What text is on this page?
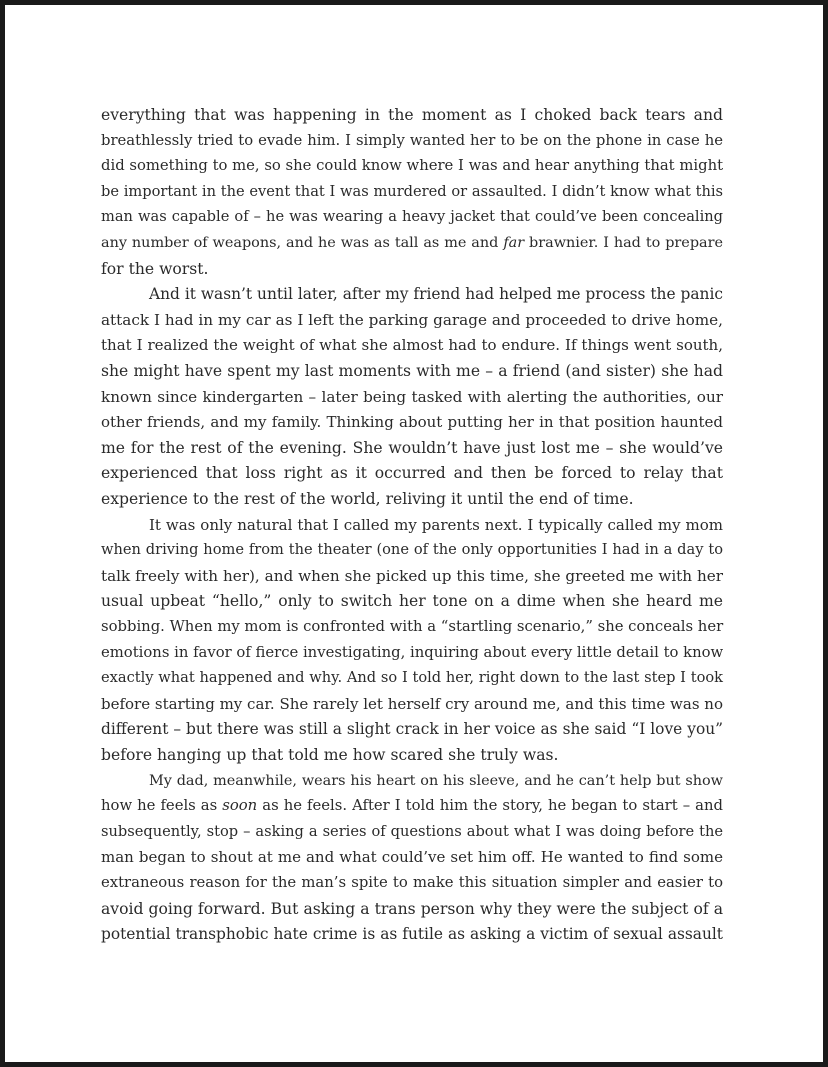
everything that was happening in the moment as I choked back tears and
breathlessly tried to evade him. I simply wanted her to be on the phone in case he
did something to me, so she could know where I was and hear anything that might
be important in the event that I was murdered or assaulted. I didn’t know what this
man was capable of – he was wearing a heavy jacket that could’ve been concealing
any number of weapons, and he was as tall as me and far brawnier. I had to prepare
for the worst.
And it wasn’t until later, after my friend had helped me process the panic
attack I had in my car as I left the parking garage and proceeded to drive home,
that I realized the weight of what she almost had to endure. If things went south,
she might have spent my last moments with me – a friend (and sister) she had
known since kindergarten – later being tasked with alerting the authorities, our
other friends, and my family. Thinking about putting her in that position haunted
me for the rest of the evening. She wouldn’t have just lost me – she would’ve
experienced that loss right as it occurred and then be forced to relay that
experience to the rest of the world, reliving it until the end of time.
It was only natural that I called my parents next. I typically called my mom
when driving home from the theater (one of the only opportunities I had in a day to
talk freely with her), and when she picked up this time, she greeted me with her
usual upbeat “hello,” only to switch her tone on a dime when she heard me
sobbing. When my mom is confronted with a “startling scenario,” she conceals her
emotions in favor of fierce investigating, inquiring about every little detail to know
exactly what happened and why. And so I told her, right down to the last step I took
before starting my car. She rarely let herself cry around me, and this time was no
different – but there was still a slight crack in her voice as she said “I love you”
before hanging up that told me how scared she truly was.
My dad, meanwhile, wears his heart on his sleeve, and he can’t help but show
how he feels as soon as he feels. After I told him the story, he began to start – and
subsequently, stop – asking a series of questions about what I was doing before the
man began to shout at me and what could’ve set him off. He wanted to find some
extraneous reason for the man’s spite to make this situation simpler and easier to
avoid going forward. But asking a trans person why they were the subject of a
potential transphobic hate crime is as futile as asking a victim of sexual assault
